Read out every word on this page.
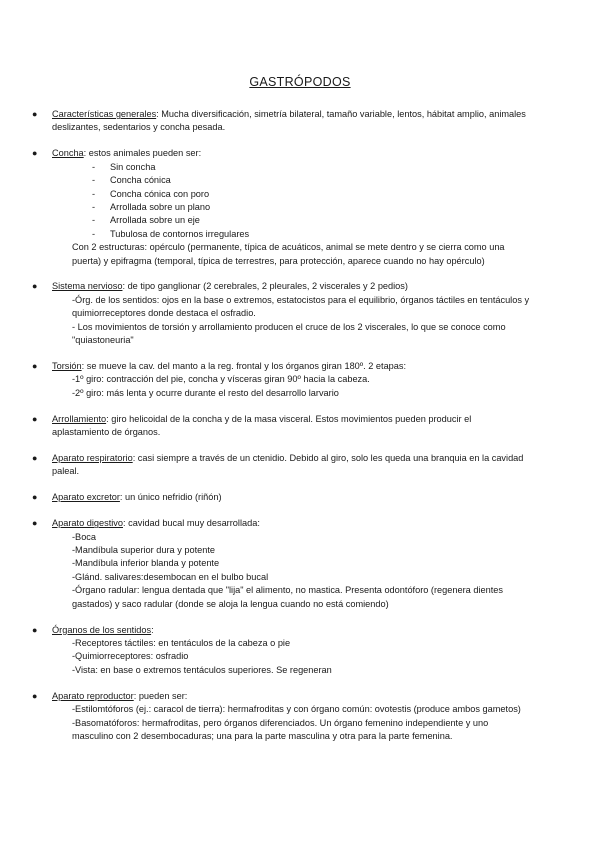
GASTRÓPODOS
● Características generales: Mucha diversificación, simetría bilateral, tamaño variable, lentos, hábitat amplio, animales deslizantes, sedentarios y concha pesada.
● Concha: estos animales pueden ser:
- Sin concha
- Concha cónica
- Concha cónica con poro
- Arrollada sobre un plano
- Arrollada sobre un eje
- Tubulosa de contornos irregulares
Con 2 estructuras: opérculo (permanente, típica de acuáticos, animal se mete dentro y se cierra como una puerta) y epifragma (temporal, típica de terrestres, para protección, aparece cuando no hay opérculo)
● Sistema nervioso: de tipo ganglionar (2 cerebrales, 2 pleurales, 2 viscerales y 2 pedios)
-Órg. de los sentidos: ojos en la base o extremos, estatocistos para el equilibrio, órganos táctiles en tentáculos y quimiorreceptores donde destaca el osfradio.
- Los movimientos de torsión y arrollamiento producen el cruce de los 2 viscerales, lo que se conoce como "quiastoneuria"
● Torsión: se mueve la cav. del manto a la reg. frontal y los órganos giran 180º. 2 etapas:
-1º giro: contracción del pie, concha y vísceras giran 90º hacia la cabeza.
-2º giro: más lenta y ocurre durante el resto del desarrollo larvario
● Arrollamiento: giro helicoidal de la concha y de la masa visceral. Estos movimientos pueden producir el aplastamiento de órganos.
● Aparato respiratorio: casi siempre a través de un ctenidio. Debido al giro, solo les queda una branquia en la cavidad paleal.
● Aparato excretor: un único nefridio (riñón)
● Aparato digestivo: cavidad bucal muy desarrollada:
-Boca
-Mandíbula superior dura y potente
-Mandíbula inferior blanda y potente
-Glánd. salivares:desembocan en el bulbo bucal
-Órgano radular: lengua dentada que "lija" el alimento, no mastica. Presenta odontóforo (regenera dientes gastados) y saco radular (donde se aloja la lengua cuando no está comiendo)
● Órganos de los sentidos:
-Receptores táctiles: en tentáculos de la cabeza o pie
-Quimiorreceptores: osfradio
-Vista: en base o extremos tentáculos superiores. Se regeneran
● Aparato reproductor: pueden ser:
-Estilomtóforos (ej.: caracol de tierra): hermafroditas y con órgano común: ovotestis (produce ambos gametos)
-Basomatóforos: hermafroditas, pero órganos diferenciados. Un órgano femenino independiente y uno masculino con 2 desembocaduras; una para la parte masculina y otra para la parte femenina.
